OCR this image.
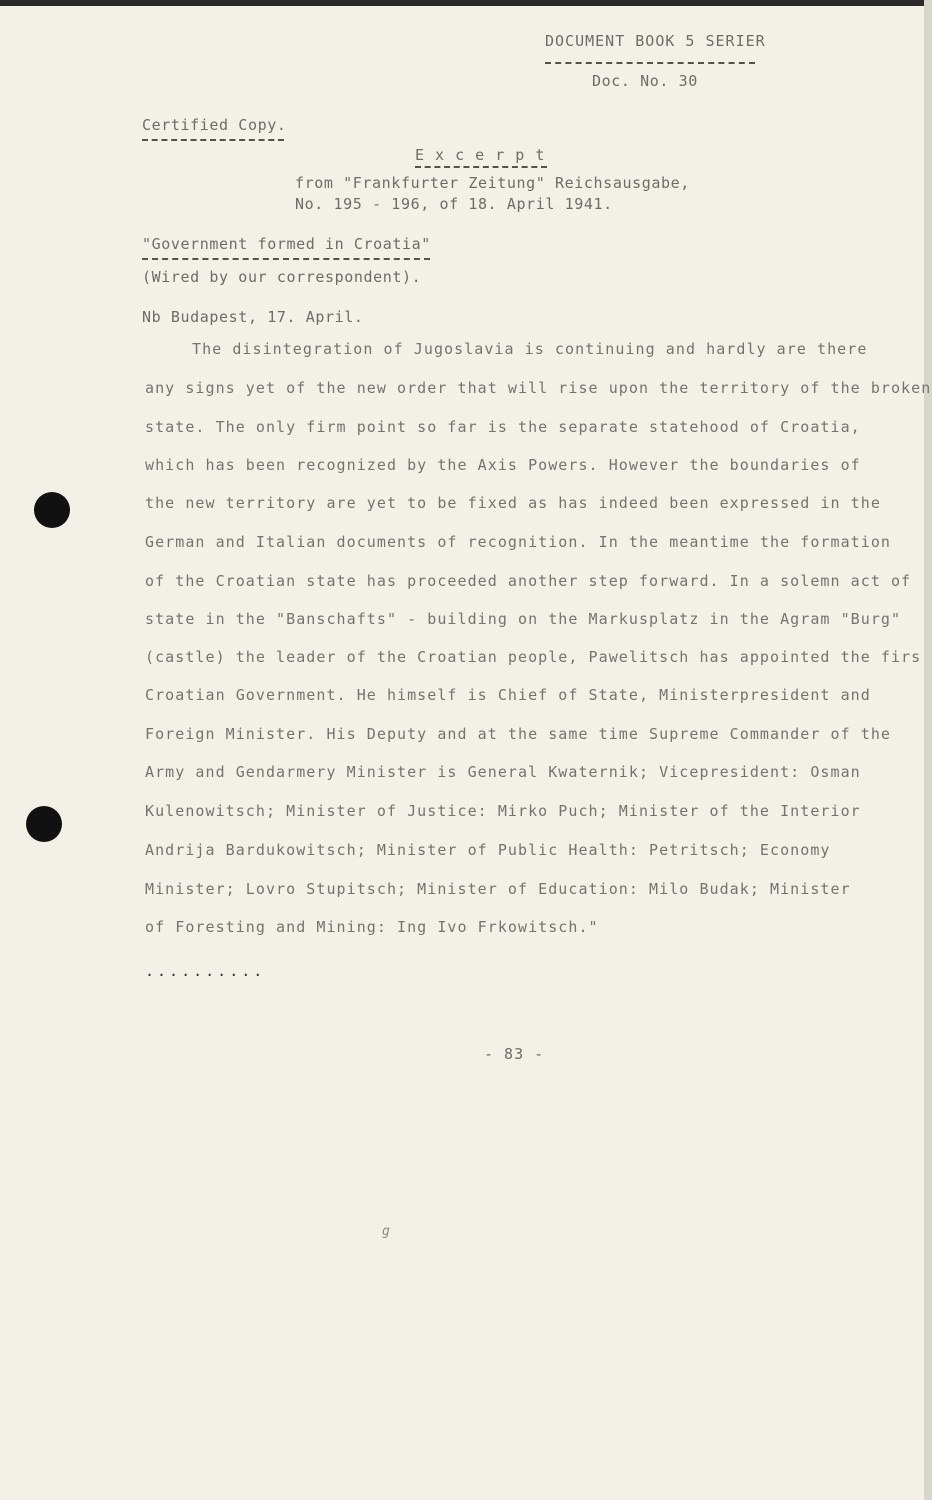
DOCUMENT BOOK 5 SERIER
Doc. No. 30
Certified Copy.
E x c e r p t
from "Frankfurter Zeitung" Reichsausgabe,
No. 195 - 196, of 18. April 1941.
"Government formed in Croatia"
(Wired by our correspondent).
Nb Budapest, 17. April.
The disintegration of Jugoslavia is continuing and hardly are there
any signs yet of the new order that will rise upon the territory of the broken
state. The only firm point so far is the separate statehood of Croatia,
which has been recognized by the Axis Powers. However the boundaries of
the new territory are yet to be fixed as has indeed been expressed in the
German and Italian documents of recognition. In the meantime the formation
of the Croatian state has proceeded another step forward. In a solemn act of
state in the "Banschafts" - building on the Markusplatz in the Agram "Burg"
(castle) the leader of the Croatian people, Pawelitsch has appointed the firs
Croatian Government. He himself is Chief of State, Ministerpresident and
Foreign Minister. His Deputy and at the same time Supreme Commander of the
Army and Gendarmery Minister is General Kwaternik; Vicepresident: Osman
Kulenowitsch; Minister of Justice: Mirko Puch; Minister of the Interior
Andrija Bardukowitsch; Minister of Public Health: Petritsch; Economy
Minister; Lovro Stupitsch; Minister of Education: Milo Budak; Minister
of Foresting and Mining: Ing Ivo Frkowitsch."
..........
- 83 -
g
